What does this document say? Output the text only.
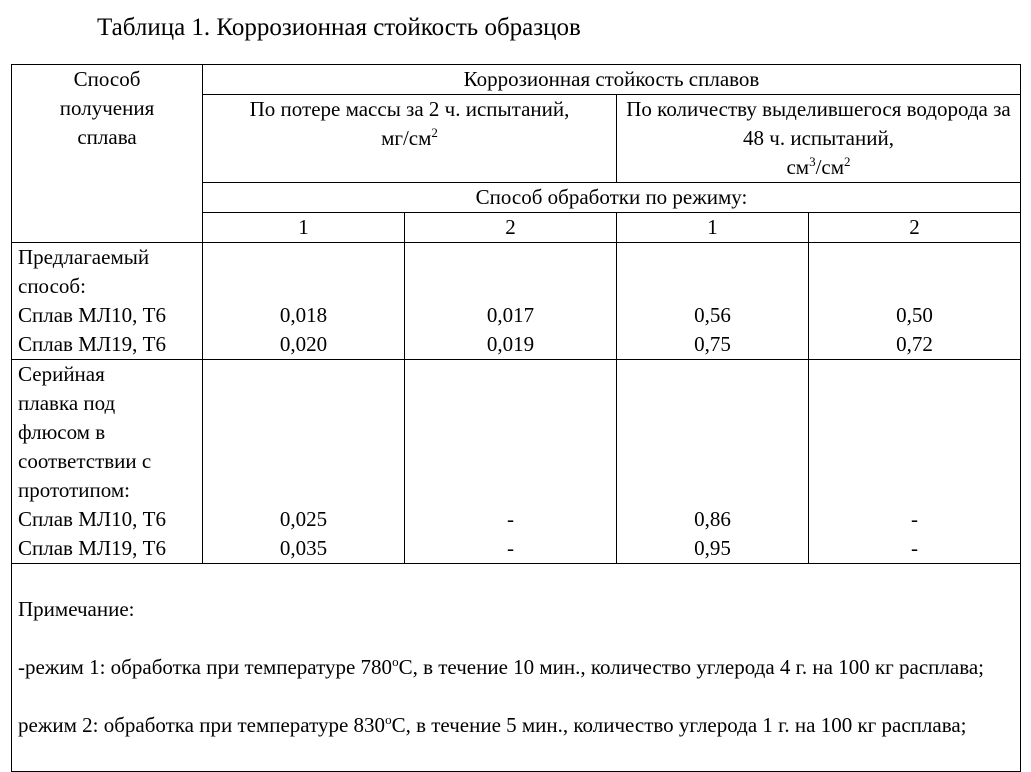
Таблица 1. Коррозионная стойкость образцов
Способ
получения
сплава	Коррозионная стойкость сплавов

По потере массы за 2 ч. испытаний,
мг/см2	
По количеству выделившегося водорода за 48 ч. испытаний,
см3/см2
Способ обработки по режиму:
1	2	1	2

Предлагаемый
способ:
Сплав МЛ10, Т6
Сплав МЛ19, Т6

0,018
0,020

0,017
0,019

0,56
0,75

0,50
0,72

Серийная
плавка под
флюсом в
соответствии с
прототипом:
Сплав МЛ10, Т6
Сплав МЛ19, Т6

0,025
0,035

-
-

0,86
0,95

-
-

Примечание:

-режим 1: обработка при температуре 780оС, в течение 10 мин., количество углерода 4 г. на 100 кг расплава;

режим 2: обработка при температуре 830оС, в течение 5 мин., количество углерода 1 г. на 100 кг расплава;
